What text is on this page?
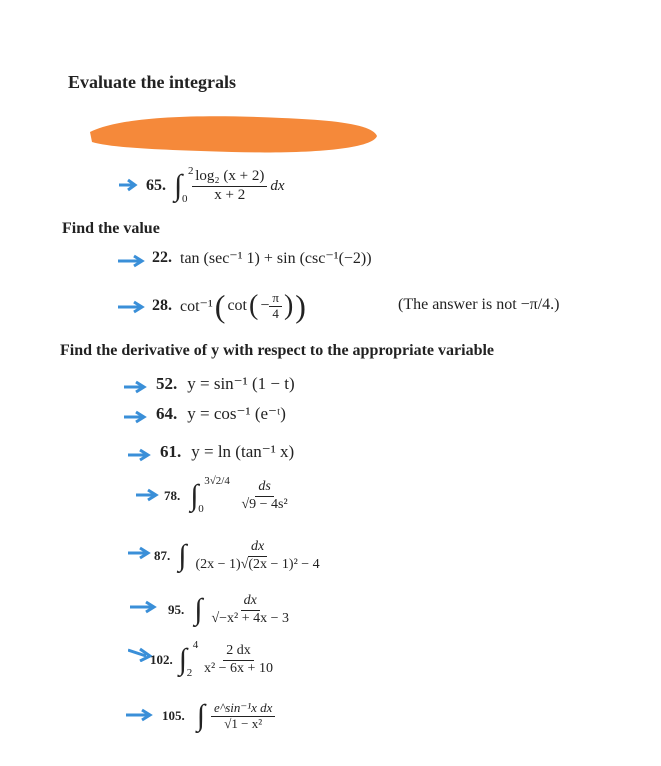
Evaluate the integrals
65. ∫ 2
$0 \frac{\text{log₂ (x + 2)}}{x + 2}$ dx
Find the value
22. tan (sec⁻¹ 1) + sin (csc⁻¹(−2))
28. cot⁻¹ ( cot ( − $\frac{\pi}{4}$ ) )	(The answer is not −π/4.)
Find the derivative of y with respect to the appropriate variable
52. y = sin⁻¹ (1 − t)
64. y = cos⁻¹ (e⁻ᵗ)
61. y = ln (tan⁻¹ x)
78. ∫ 3√2/4
$0 \frac{ds}{\text{√9 − 4s²}}$
87. ∫ $\frac{dx}{\text{(2x − 1)√(2x − 1)² − 4}}$
95. ∫ $\frac{dx}{\text{√−x² + 4x − 3}}$
102. ∫ 4
$2 \frac{2 dx}{\text{x² − 6x + 10}}$
105. ∫ $\frac{\text{e\textasciicircum{}sin⁻¹x dx}}{\text{√1 − x²}}$
